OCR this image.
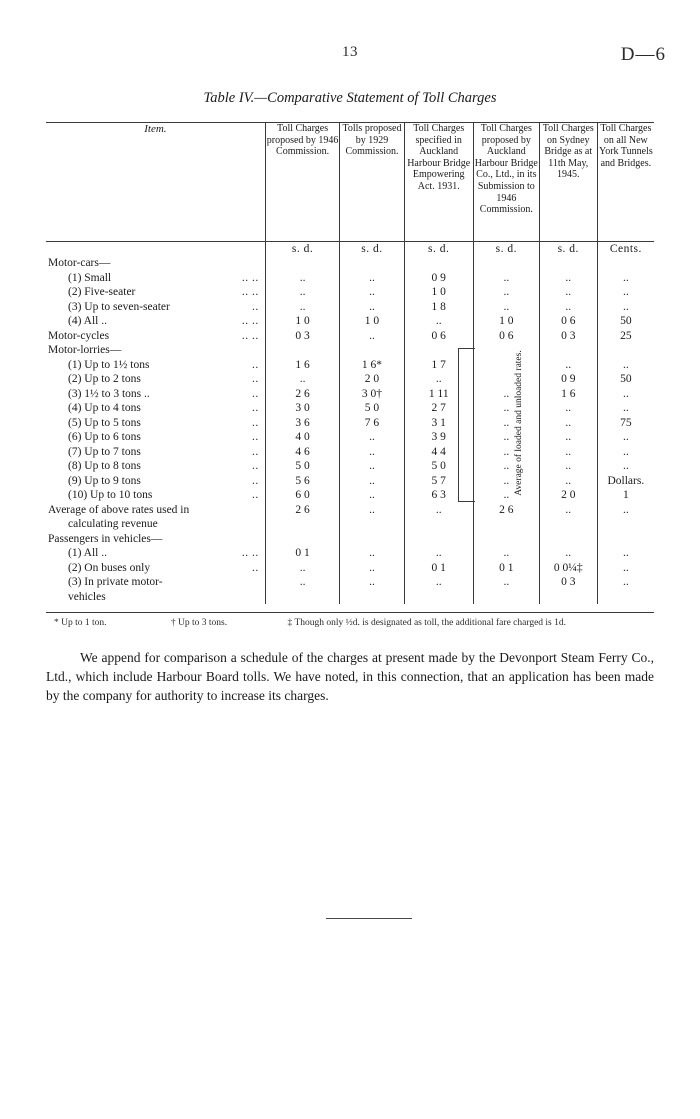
13	D—6
Table IV.—Comparative Statement of Toll Charges
Item.	Toll Charges proposed by 1946 Commission.	Tolls proposed by 1929 Commission.	Toll Charges specified in Auckland Harbour Bridge Empowering Act. 1931.	Toll Charges proposed by Auckland Harbour Bridge Co., Ltd., in its Submission to 1946 Commission.	Toll Charges on Sydney Bridge as at 11th May, 1945.	Toll Charges on all New York Tunnels and Bridges.
	s. d.	s. d.	s. d.	s. d.	s. d.	Cents.
Motor-cars—

(1) Small .. ..	..	..	0 9	..	..	..
(2) Five-seater .. ..	..	..	1 0	..	..	..
(3) Up to seven-seater ..	..	..	1 8	..	..	..
(4) All .. .. ..	1 0	1 0	..	1 0	0 6	50
Motor-cycles .. ..	0 3	..	0 6	0 6	0 3	25
Motor-lorries—

(1) Up to 1½ tons ..	1 6	1 6*	1 7		..	..
(2) Up to 2 tons ..	..	2 0	..		0 9	50
(3) 1½ to 3 tons .. ..	2 6	3 0†	1 11	..	1 6	..
(4) Up to 4 tons ..	3 0	5 0	2 7	..	..	..
(5) Up to 5 tons ..	3 6	7 6	3 1	..	..	75
(6) Up to 6 tons ..	4 0	..	3 9	..	..	..
(7) Up to 7 tons ..	4 6	..	4 4	..	..	..
(8) Up to 8 tons ..	5 0	..	5 0	..	..	..
(9) Up to 9 tons ..	5 6	..	5 7	..	..	Dollars.
(10) Up to 10 tons ..	6 0	..	6 3	..	2 0	1
Average of above rates used in	2 6	..	..	2 6	..	..
calculating revenue

Passengers in vehicles—

(1) All .. .. ..	0 1	..	..	..	..	..
(2) On buses only ..	..	..	0 1	0 1	0 0¼‡	..
(3) In private motor-	..	..	..	..	0 3	..
vehicles

Average of loaded and unloaded rates.
* Up to 1 ton.	† Up to 3 tons.	‡ Though only ½d. is designated as toll, the additional fare charged is 1d.

We append for comparison a schedule of the charges at present made by the Devonport Steam Ferry Co., Ltd., which include Harbour Board tolls. We have noted, in this connection, that an application has been made by the company for authority to increase its charges.
